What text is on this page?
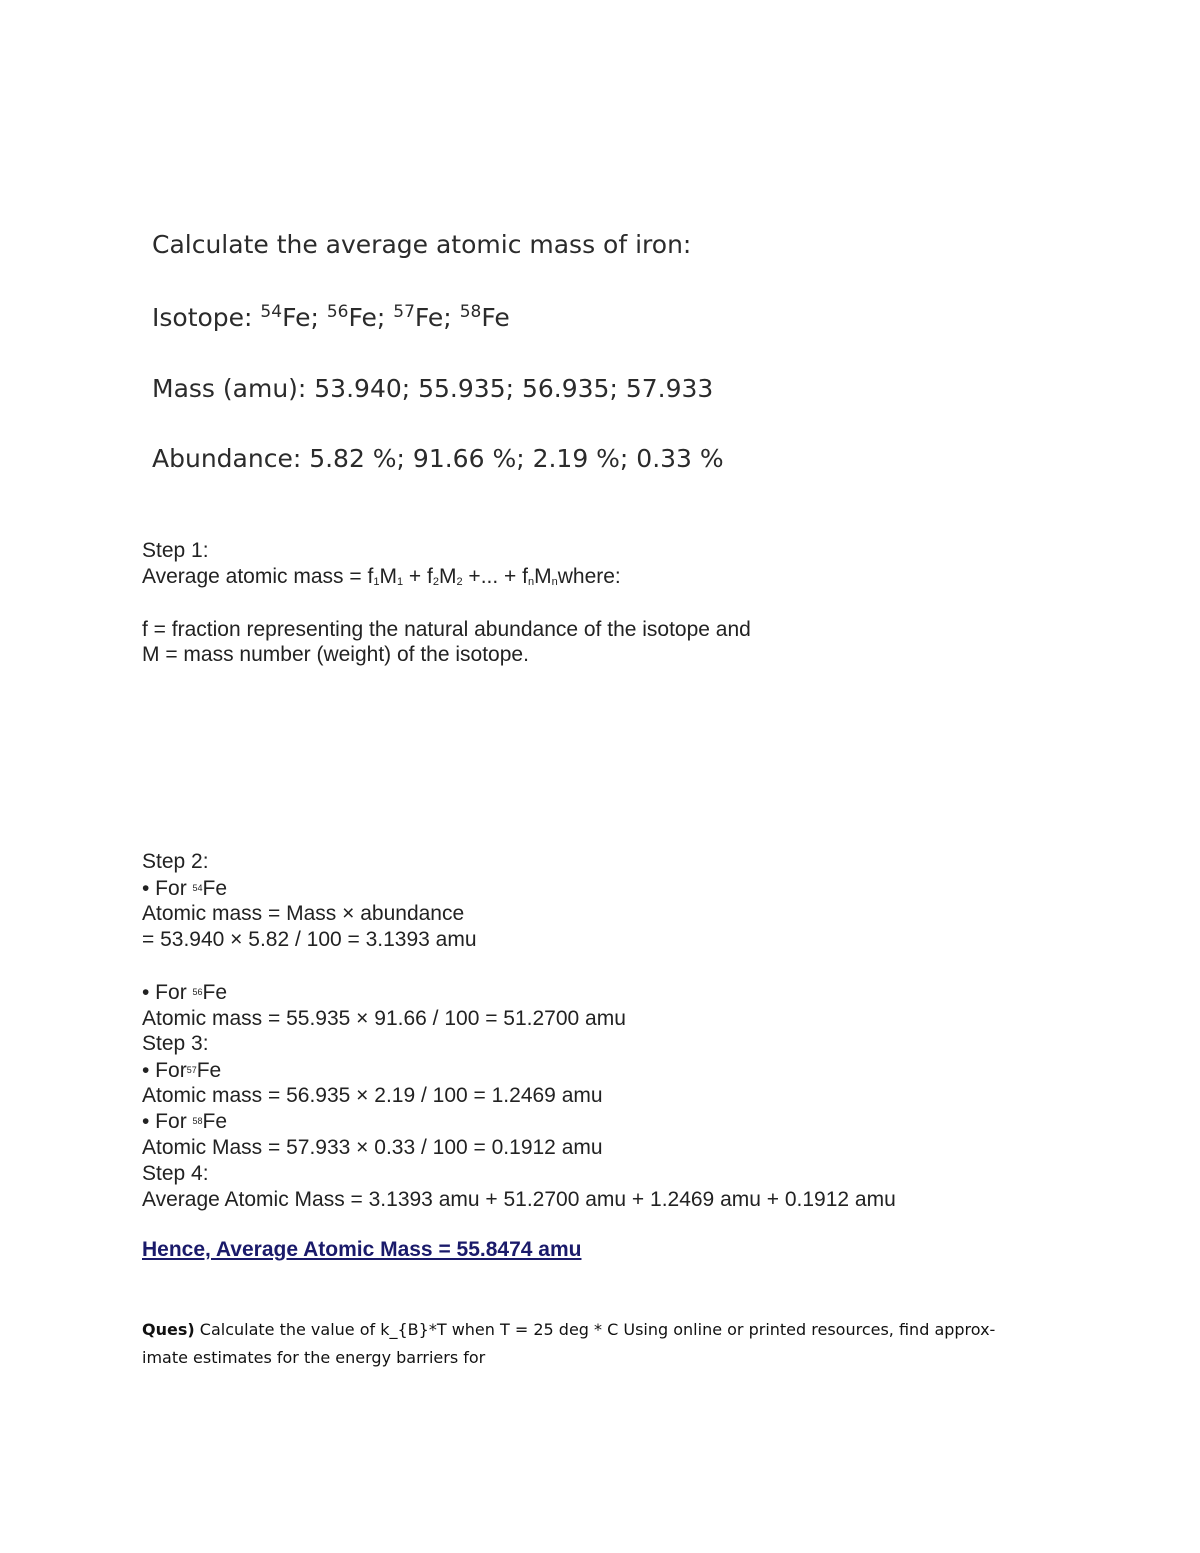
Calculate the average atomic mass of iron:
Isotope: $^{54}$Fe; $^{56}$Fe; $^{57}$Fe; $^{58}$Fe
Mass (amu): 53.940; 55.935; 56.935; 57.933
Abundance: 5.82 %; 91.66 %; 2.19 %; 0.33 %
Step 1:
Average atomic mass = $f_1M_1 + f_2M_2$ +... + $f_nM_nwhere$:
f = fraction representing the natural abundance of the isotope and
M = mass number (weight) of the isotope.
Step 2:
• For 54Fe
Atomic mass = Mass × abundance
= 53.940 × 5.82 / 100 = 3.1393 amu
• For 56Fe
Atomic mass = 55.935 × 91.66 / 100 = 51.2700 amu
Step 3:
• For57Fe
Atomic mass = 56.935 × 2.19 / 100 = 1.2469 amu
• For 58Fe
Atomic Mass = 57.933 × 0.33 / 100 = 0.1912 amu
Step 4:
Average Atomic Mass = 3.1393 amu + 51.2700 amu + 1.2469 amu + 0.1912 amu
Hence, Average Atomic Mass = 55.8474 amu
Ques) Calculate the value of k_{B}*T when T = 25 deg * C Using online or printed resources, find approx-
imate estimates for the energy barriers for
